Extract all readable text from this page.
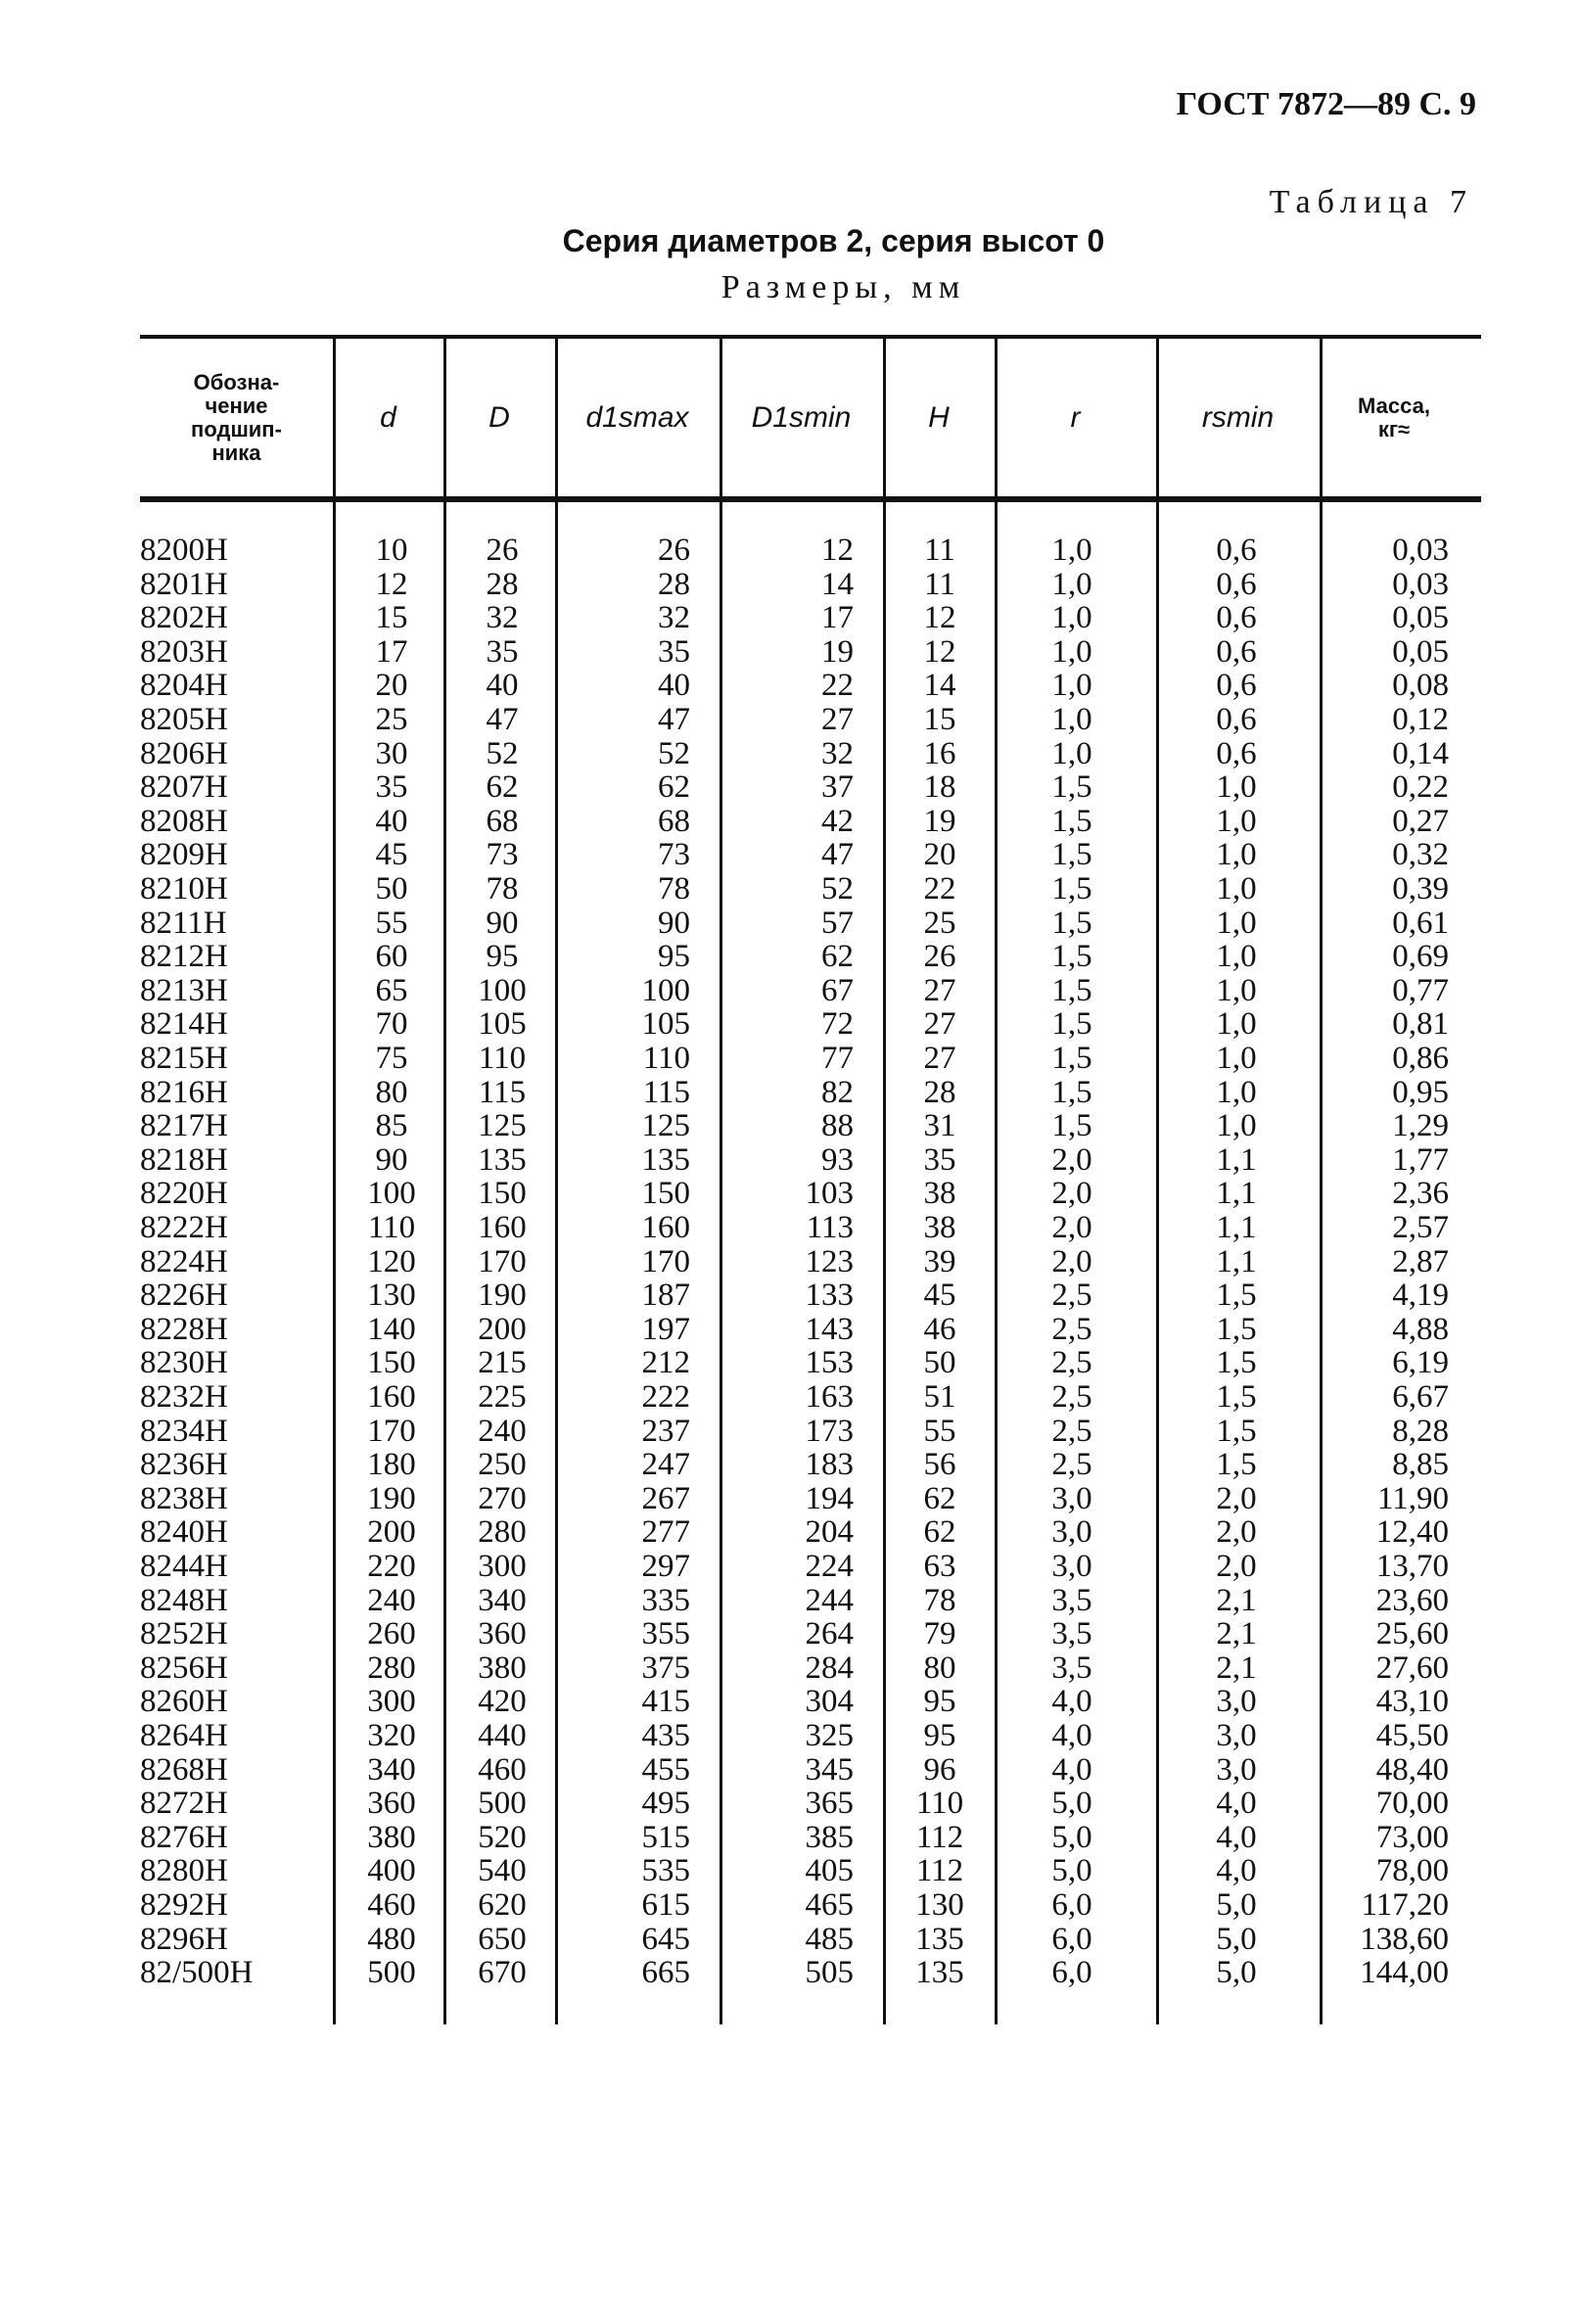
ГОСТ 7872—89 С. 9
Таблица 7
Серия диаметров 2, серия высот 0
Размеры, мм
Обозна-
чение
подшип-
ника
d	D	d1smax	D1smin	H	r	rsmin	Масса,
кг≈
8200Н	10	26	26	12	11	1,0	0,6	0,03
8201Н	12	28	28	14	11	1,0	0,6	0,03
8202Н	15	32	32	17	12	1,0	0,6	0,05
8203Н	17	35	35	19	12	1,0	0,6	0,05
8204Н	20	40	40	22	14	1,0	0,6	0,08
8205Н	25	47	47	27	15	1,0	0,6	0,12
8206Н	30	52	52	32	16	1,0	0,6	0,14
8207Н	35	62	62	37	18	1,5	1,0	0,22
8208Н	40	68	68	42	19	1,5	1,0	0,27
8209Н	45	73	73	47	20	1,5	1,0	0,32
8210Н	50	78	78	52	22	1,5	1,0	0,39
8211Н	55	90	90	57	25	1,5	1,0	0,61
8212Н	60	95	95	62	26	1,5	1,0	0,69
8213Н	65	100	100	67	27	1,5	1,0	0,77
8214Н	70	105	105	72	27	1,5	1,0	0,81
8215Н	75	110	110	77	27	1,5	1,0	0,86
8216Н	80	115	115	82	28	1,5	1,0	0,95
8217Н	85	125	125	88	31	1,5	1,0	1,29
8218Н	90	135	135	93	35	2,0	1,1	1,77
8220Н	100	150	150	103	38	2,0	1,1	2,36
8222Н	110	160	160	113	38	2,0	1,1	2,57
8224Н	120	170	170	123	39	2,0	1,1	2,87
8226Н	130	190	187	133	45	2,5	1,5	4,19
8228Н	140	200	197	143	46	2,5	1,5	4,88
8230Н	150	215	212	153	50	2,5	1,5	6,19
8232Н	160	225	222	163	51	2,5	1,5	6,67
8234Н	170	240	237	173	55	2,5	1,5	8,28
8236Н	180	250	247	183	56	2,5	1,5	8,85
8238Н	190	270	267	194	62	3,0	2,0	11,90
8240Н	200	280	277	204	62	3,0	2,0	12,40
8244Н	220	300	297	224	63	3,0	2,0	13,70
8248Н	240	340	335	244	78	3,5	2,1	23,60
8252Н	260	360	355	264	79	3,5	2,1	25,60
8256Н	280	380	375	284	80	3,5	2,1	27,60
8260Н	300	420	415	304	95	4,0	3,0	43,10
8264Н	320	440	435	325	95	4,0	3,0	45,50
8268Н	340	460	455	345	96	4,0	3,0	48,40
8272Н	360	500	495	365	110	5,0	4,0	70,00
8276Н	380	520	515	385	112	5,0	4,0	73,00
8280Н	400	540	535	405	112	5,0	4,0	78,00
8292Н	460	620	615	465	130	6,0	5,0	117,20
8296Н	480	650	645	485	135	6,0	5,0	138,60
82/500Н	500	670	665	505	135	6,0	5,0	144,00
